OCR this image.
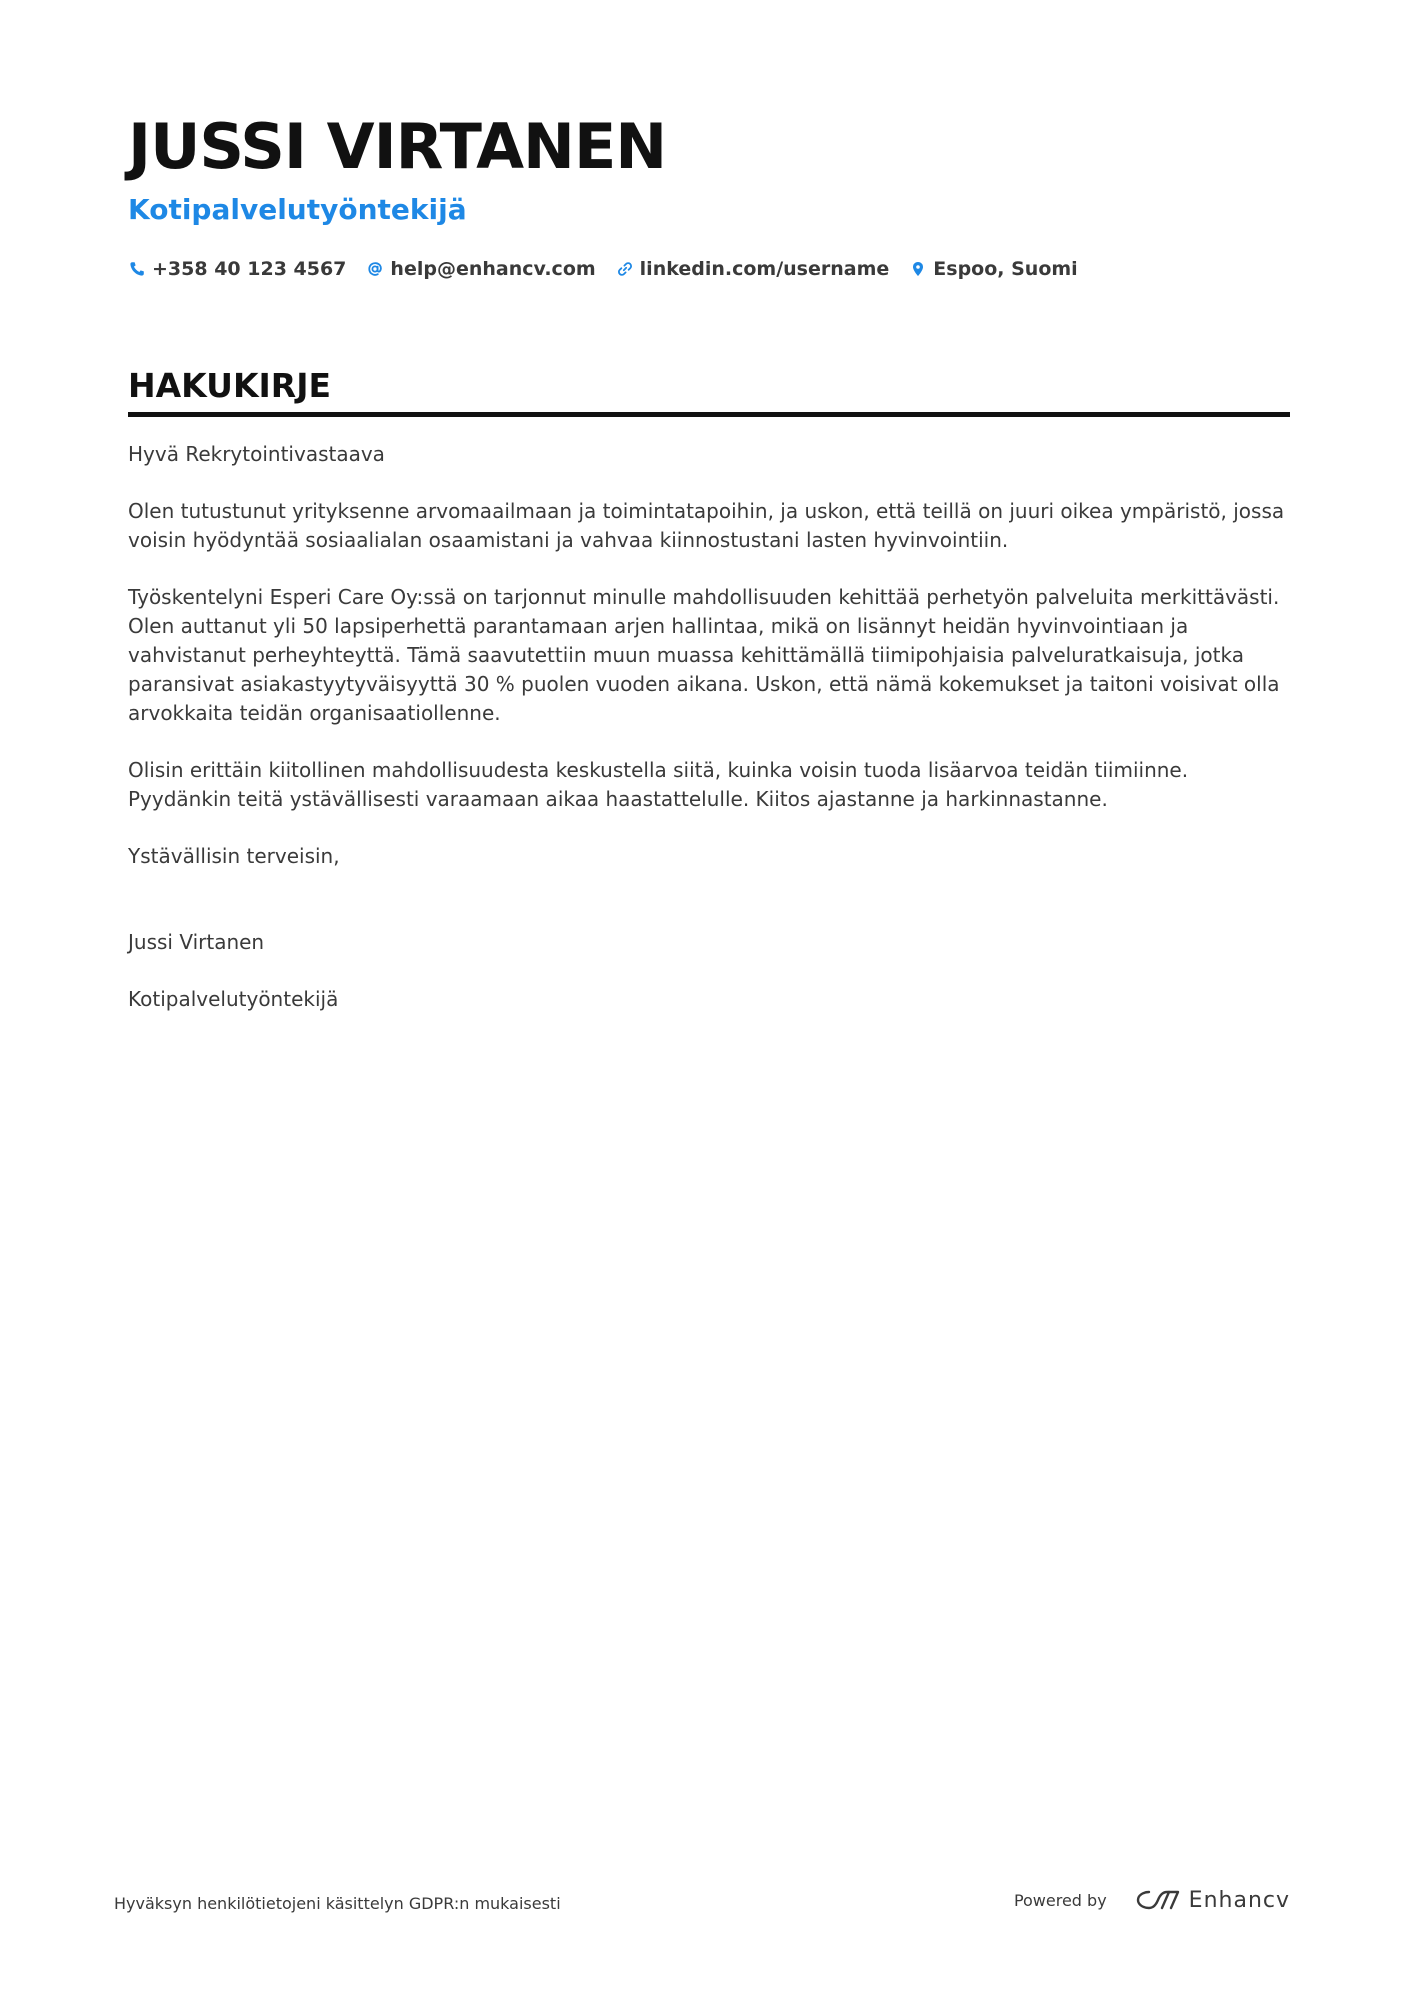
JUSSI VIRTANEN
Kotipalvelutyöntekijä
+358 40 123 4567 help@enhancv.com linkedin.com/username Espoo, Suomi
HAKUKIRJE

Hyvä Rekrytointivastaava

Olen tutustunut yrityksenne arvomaailmaan ja toimintatapoihin, ja uskon, että teillä on juuri oikea ympäristö, jossa voisin hyödyntää sosiaalialan osaamistani ja vahvaa kiinnostustani lasten hyvinvointiin.

Työskentelyni Esperi Care Oy:ssä on tarjonnut minulle mahdollisuuden kehittää perhetyön palveluita merkittävästi. Olen auttanut yli 50 lapsiperhettä parantamaan arjen hallintaa, mikä on lisännyt heidän hyvinvointiaan ja vahvistanut perheyhteyttä. Tämä saavutettiin muun muassa kehittämällä tiimipohjaisia palveluratkaisuja, jotka paransivat asiakastyytyväisyyttä 30 % puolen vuoden aikana. Uskon, että nämä kokemukset ja taitoni voisivat olla arvokkaita teidän organisaatiollenne.

Olisin erittäin kiitollinen mahdollisuudesta keskustella siitä, kuinka voisin tuoda lisäarvoa teidän tiimiinne. Pyydänkin teitä ystävällisesti varaamaan aikaa haastattelulle. Kiitos ajastanne ja harkinnastanne.

Ystävällisin terveisin,

Jussi Virtanen

Kotipalvelutyöntekijä

Hyväksyn henkilötietojeni käsittelyn GDPR:n mukaisesti	Powered by	Enhancv
